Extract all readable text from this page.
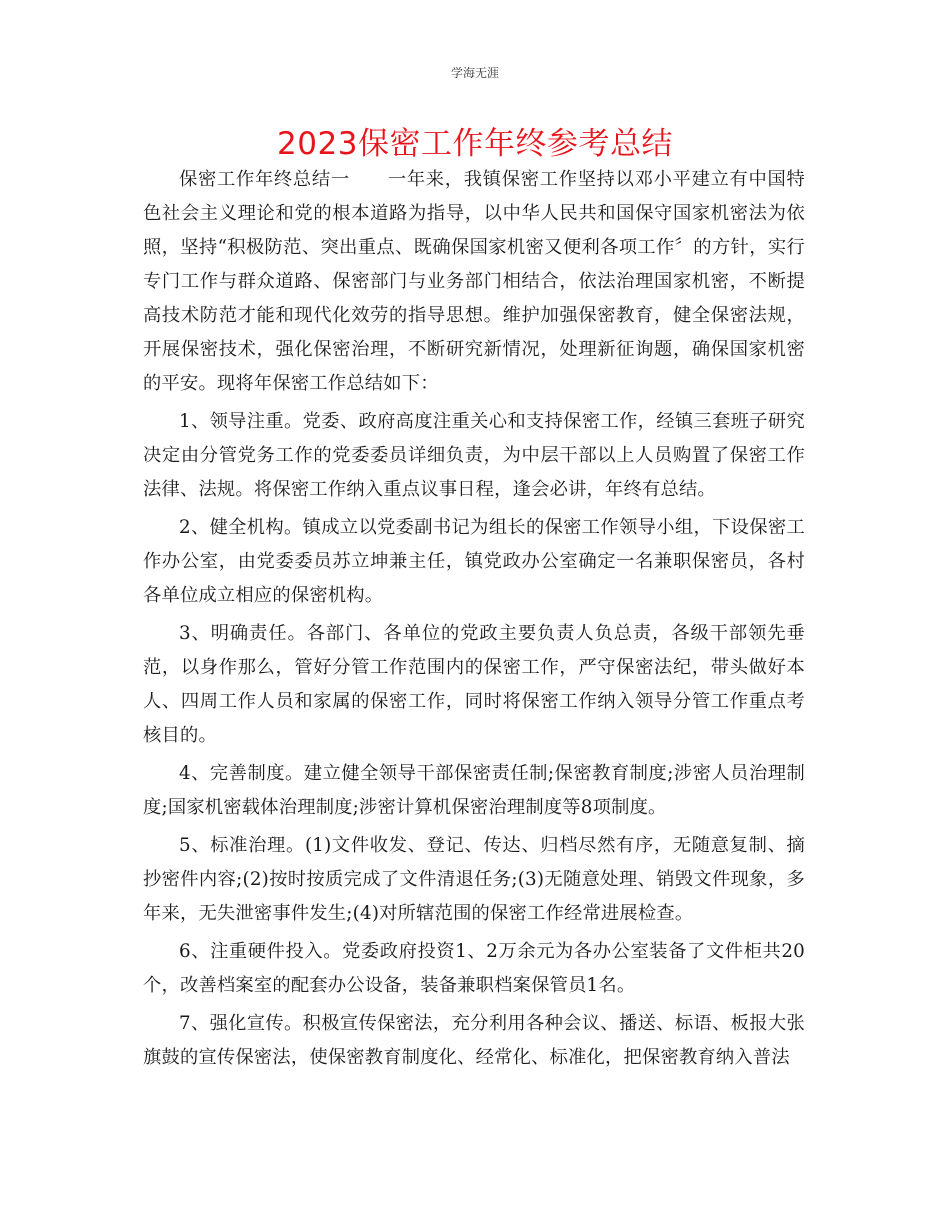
学海无涯
2023保密工作年终参考总结

保密工作年终总结一　　一年来，我镇保密工作坚持以邓小平建立有中国特色社会主义理论和党的根本道路为指导，以中华人民共和国保守国家机密法为依照，坚持“积极防范、突出重点、既确保国家机密又便利各项工作〞的方针，实行专门工作与群众道路、保密部门与业务部门相结合，依法治理国家机密，不断提高技术防范才能和现代化效劳的指导思想。维护加强保密教育，健全保密法规，开展保密技术，强化保密治理，不断研究新情况，处理新征询题，确保国家机密的平安。现将年保密工作总结如下：

1、领导注重。党委、政府高度注重关心和支持保密工作，经镇三套班子研究决定由分管党务工作的党委委员详细负责，为中层干部以上人员购置了保密工作法律、法规。将保密工作纳入重点议事日程，逢会必讲，年终有总结。

2、健全机构。镇成立以党委副书记为组长的保密工作领导小组，下设保密工作办公室，由党委委员苏立坤兼主任，镇党政办公室确定一名兼职保密员，各村各单位成立相应的保密机构。

3、明确责任。各部门、各单位的党政主要负责人负总责，各级干部领先垂范，以身作那么，管好分管工作范围内的保密工作，严守保密法纪，带头做好本人、四周工作人员和家属的保密工作，同时将保密工作纳入领导分管工作重点考核目的。

4、完善制度。建立健全领导干部保密责任制;保密教育制度;涉密人员治理制度;国家机密载体治理制度;涉密计算机保密治理制度等8项制度。

5、标准治理。(1)文件收发、登记、传达、归档尽然有序，无随意复制、摘抄密件内容;(2)按时按质完成了文件清退任务;(3)无随意处理、销毁文件现象，多年来，无失泄密事件发生;(4)对所辖范围的保密工作经常进展检查。

6、注重硬件投入。党委政府投资1、2万余元为各办公室装备了文件柜共20个，改善档案室的配套办公设备，装备兼职档案保管员1名。

7、强化宣传。积极宣传保密法，充分利用各种会议、播送、标语、板报大张旗鼓的宣传保密法，使保密教育制度化、经常化、标准化，把保密教育纳入普法
